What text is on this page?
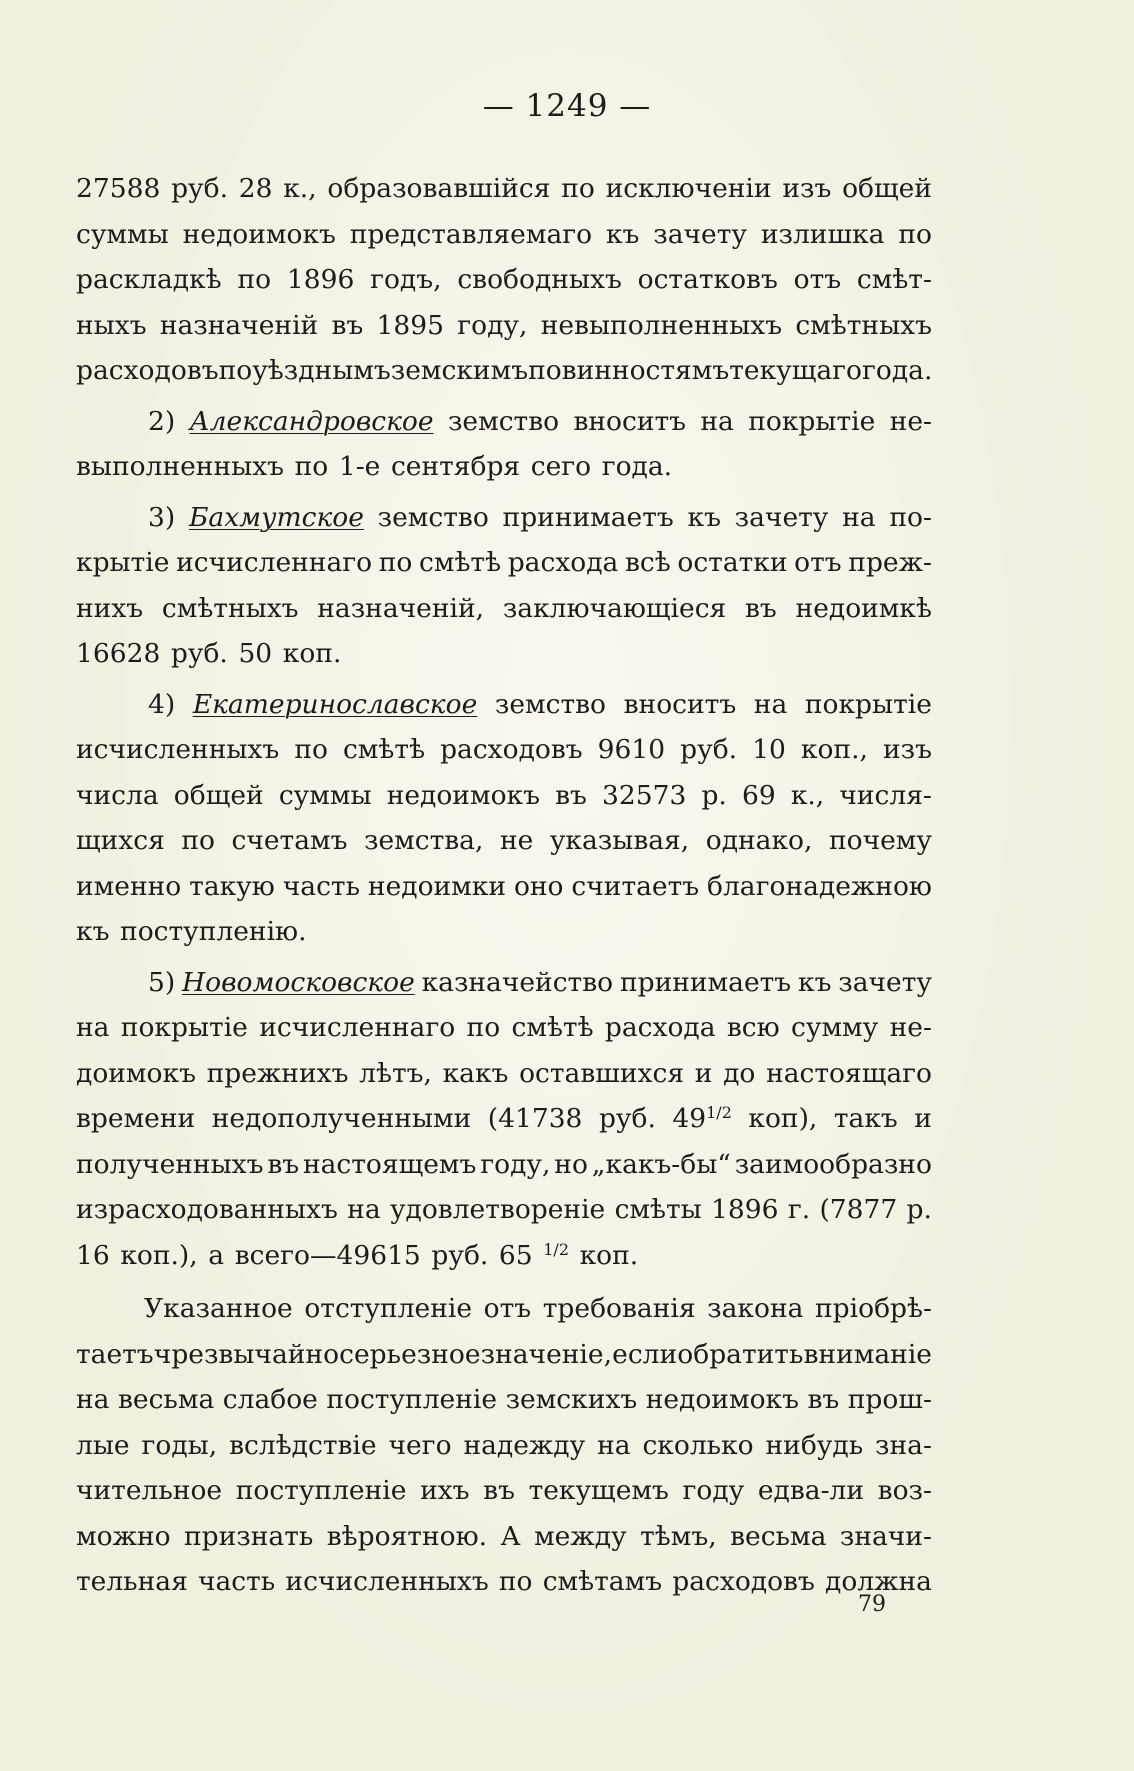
— 1249 —
27588 руб. 28 к., образовавшійся по исключеніи изъ общей
суммы недоимокъ представляемаго къ зачету излишка по
раскладкѣ по 1896 годъ, свободныхъ остатковъ отъ смѣт-
ныхъ назначеній въ 1895 году, невыполненныхъ смѣтныхъ
расходовъ по уѣзднымъ земскимъ повинностямъ текущаго года.
2) Александровское земство вноситъ на покрытіе не-
выполненныхъ по 1-е сентября сего года.
3) Бахмутское земство принимаетъ къ зачету на по-
крытіе исчисленнаго по смѣтѣ расхода всѣ остатки отъ преж-
нихъ смѣтныхъ назначеній, заключающіеся въ недоимкѣ
16628 руб. 50 коп.
4) Екатеринославское земство вноситъ на покрытіе
исчисленныхъ по смѣтѣ расходовъ 9610 руб. 10 коп., изъ
числа общей суммы недоимокъ въ 32573 р. 69 к., числя-
щихся по счетамъ земства, не указывая, однако, почему
именно такую часть недоимки оно считаетъ благонадежною
къ поступленію.
5) Новомосковское казначейство принимаетъ къ зачету
на покрытіе исчисленнаго по смѣтѣ расхода всю сумму не-
доимокъ прежнихъ лѣтъ, какъ оставшихся и до настоящаго
времени недополученными (41738 руб. $49^{1/2}$ коп), такъ и
полученныхъ въ настоящемъ году, но „какъ-бы“ заимообразно
израсходованныхъ на удовлетвореніе смѣты 1896 г. (7877 р.
16 коп.), а всего—49615 руб. 65 $^{1/2}$ коп.
Указанное отступленіе отъ требованія закона пріобрѣ-
таетъ чрезвычайно серьезное значеніе, если обратить вниманіе
на весьма слабое поступленіе земскихъ недоимокъ въ прош-
лые годы, вслѣдствіе чего надежду на сколько нибудь зна-
чительное поступленіе ихъ въ текущемъ году едва-ли воз-
можно признать вѣроятною. А между тѣмъ, весьма значи-
тельная часть исчисленныхъ по смѣтамъ расходовъ должна
79
